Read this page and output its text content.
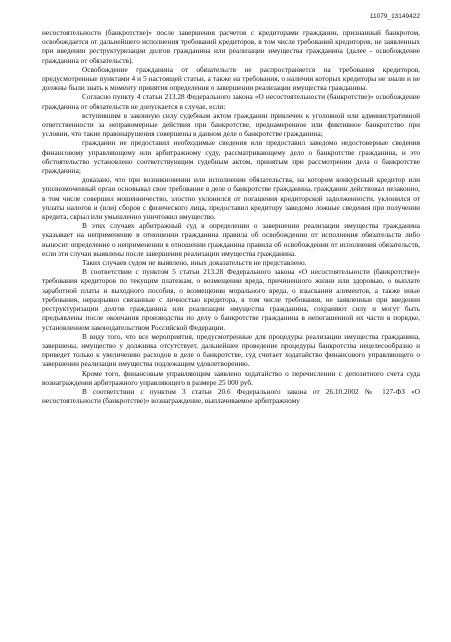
11079_13149422

несостоятельности (банкротстве)» после завершения расчетов с кредиторами гражданин, признанный банкротом, освобождается от дальнейшего исполнения требований кредиторов, в том числе требований кредиторов, не заявленных при введении реструктуризации долгов гражданина или реализации имущества гражданина (далее - освобождение гражданина от обязательств).

Освобождение гражданина от обязательств не распространяется на требования кредиторов, предусмотренные пунктами 4 и 5 настоящей статьи, а также на требования, о наличии которых кредиторы не знали и не должны были знать к моменту принятия определения о завершении реализации имущества гражданина.

Согласно пункту 4 статьи 213.28 Федерального закона «О несостоятельности (банкротстве)» освобождение гражданина от обязательств не допускается в случае, если:

вступившим в законную силу судебным актом гражданин привлечен к уголовной или административной ответственности за неправомерные действия при банкротстве, преднамеренное или фиктивное банкротство при условии, что такие правонарушения совершены в данном деле о банкротстве гражданина;

гражданин не предоставил необходимые сведения или предоставил заведомо недостоверные сведения финансовому управляющему или арбитражному суду, рассматривающему дело о банкротстве гражданина, и это обстоятельство установлено соответствующим судебным актом, принятым при рассмотрении дела о банкротстве гражданина;

доказано, что при возникновении или исполнении обязательства, на котором конкурсный кредитор или уполномоченный орган основывал свое требование в деле о банкротстве гражданина, гражданин действовал незаконно, в том числе совершил мошенничество, злостно уклонился от погашения кредиторской задолженности, уклонился от уплаты налогов и (или) сборов с физического лица, предоставил кредитору заведомо ложные сведения при получении кредита, скрыл или умышленно уничтожил имущество.

В этих случаях арбитражный суд в определении о завершении реализации имущества гражданина указывает на неприменение в отношении гражданина правила об освобождении от исполнения обязательств либо выносит определение о неприменении в отношении гражданина правила об освобождении от исполнения обязательств, если эти случаи выявлены после завершения реализации имущества гражданина.

Таких случаев судом не выявлено, иных доказательств не представлено.

В соответствии с пунктом 5 статьи 213.28 Федерального закона «О несостоятельности (банкротстве)» требования кредиторов по текущим платежам, о возмещении вреда, причиненного жизни или здоровью, о выплате заработной платы и выходного пособия, о возмещении морального вреда, о взыскании алиментов, а также иные требования, неразрывно связанные с личностью кредитора, в том числе требования, не заявленные при введении реструктуризации долгов гражданина или реализации имущества гражданина, сохраняют силу и могут быть предъявлены после окончания производства по делу о банкротстве гражданина в непогашенной их части в порядке, установленном законодательством Российской Федерации.

В виду того, что все мероприятия, предусмотренные для процедуры реализации имущества гражданина, завершены, имущество у должника отсутствует, дальнейшее проведение процедуры банкротства нецелесообразно и приведет только к увеличению расходов в деле о банкротстве, суд считает ходатайство финансового управляющего о завершении реализации имущества подлежащим удовлетворению.

Кроме того, финансовым управляющим заявлено ходатайство о перечислении с депозитного счета суда вознаграждения арбитражного управляющего в размере 25 000 руб.

В соответствии с пунктом 3 статьи 20.6 Федерального закона от 26.10.2002 № 127-ФЗ «О несостоятельности (банкротстве)» вознаграждение, выплачиваемое арбитражному
